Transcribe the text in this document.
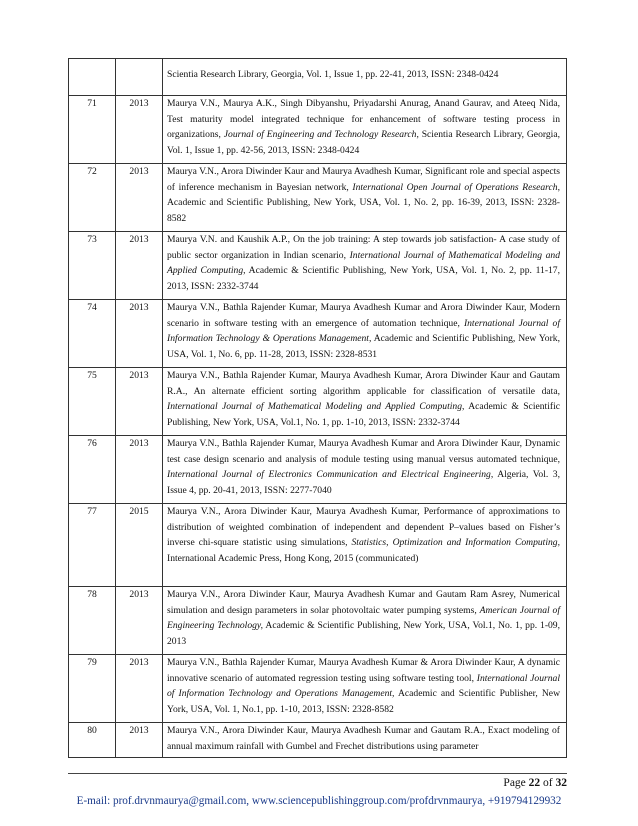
		Scientia Research Library, Georgia, Vol. 1, Issue 1, pp. 22-41, 2013, ISSN: 2348-0424
71	2013	Maurya V.N., Maurya A.K., Singh Dibyanshu, Priyadarshi Anurag, Anand Gaurav, and Ateeq Nida, Test maturity model integrated technique for enhancement of software testing process in organizations, Journal of Engineering and Technology Research, Scientia Research Library, Georgia, Vol. 1, Issue 1, pp. 42-56, 2013, ISSN: 2348-0424
72	2013	Maurya V.N., Arora Diwinder Kaur and Maurya Avadhesh Kumar, Significant role and special aspects of inference mechanism in Bayesian network, International Open Journal of Operations Research, Academic and Scientific Publishing, New York, USA, Vol. 1, No. 2, pp. 16-39, 2013, ISSN: 2328-8582
73	2013	Maurya V.N. and Kaushik A.P., On the job training: A step towards job satisfaction- A case study of public sector organization in Indian scenario, International Journal of Mathematical Modeling and Applied Computing, Academic & Scientific Publishing, New York, USA, Vol. 1, No. 2, pp. 11-17, 2013, ISSN: 2332-3744
74	2013	Maurya V.N., Bathla Rajender Kumar, Maurya Avadhesh Kumar and Arora Diwinder Kaur, Modern scenario in software testing with an emergence of automation technique, International Journal of Information Technology & Operations Management, Academic and Scientific Publishing, New York, USA, Vol. 1, No. 6, pp. 11-28, 2013, ISSN: 2328-8531
75	2013	Maurya V.N., Bathla Rajender Kumar, Maurya Avadhesh Kumar, Arora Diwinder Kaur and Gautam R.A., An alternate efficient sorting algorithm applicable for classification of versatile data, International Journal of Mathematical Modeling and Applied Computing, Academic & Scientific Publishing, New York, USA, Vol.1, No. 1, pp. 1-10, 2013, ISSN: 2332-3744
76	2013	Maurya V.N., Bathla Rajender Kumar, Maurya Avadhesh Kumar and Arora Diwinder Kaur, Dynamic test case design scenario and analysis of module testing using manual versus automated technique, International Journal of Electronics Communication and Electrical Engineering, Algeria, Vol. 3, Issue 4, pp. 20-41, 2013, ISSN: 2277-7040
77	2015	Maurya V.N., Arora Diwinder Kaur, Maurya Avadhesh Kumar, Performance of approximations to distribution of weighted combination of independent and dependent P–values based on Fisher’s inverse chi-square statistic using simulations, Statistics, Optimization and Information Computing, International Academic Press, Hong Kong, 2015 (communicated)
78	2013	Maurya V.N., Arora Diwinder Kaur, Maurya Avadhesh Kumar and Gautam Ram Asrey, Numerical simulation and design parameters in solar photovoltaic water pumping systems, American Journal of Engineering Technology, Academic & Scientific Publishing, New York, USA, Vol.1, No. 1, pp. 1-09, 2013
79	2013	Maurya V.N., Bathla Rajender Kumar, Maurya Avadhesh Kumar & Arora Diwinder Kaur, A dynamic innovative scenario of automated regression testing using software testing tool, International Journal of Information Technology and Operations Management, Academic and Scientific Publisher, New York, USA, Vol. 1, No.1, pp. 1-10, 2013, ISSN: 2328-8582
80	2013	Maurya V.N., Arora Diwinder Kaur, Maurya Avadhesh Kumar and Gautam R.A., Exact modeling of annual maximum rainfall with Gumbel and Frechet distributions using parameter
Page 22 of 32
E-mail: prof.drvnmaurya@gmail.com, www.sciencepublishinggroup.com/profdrvnmaurya, +919794129932
